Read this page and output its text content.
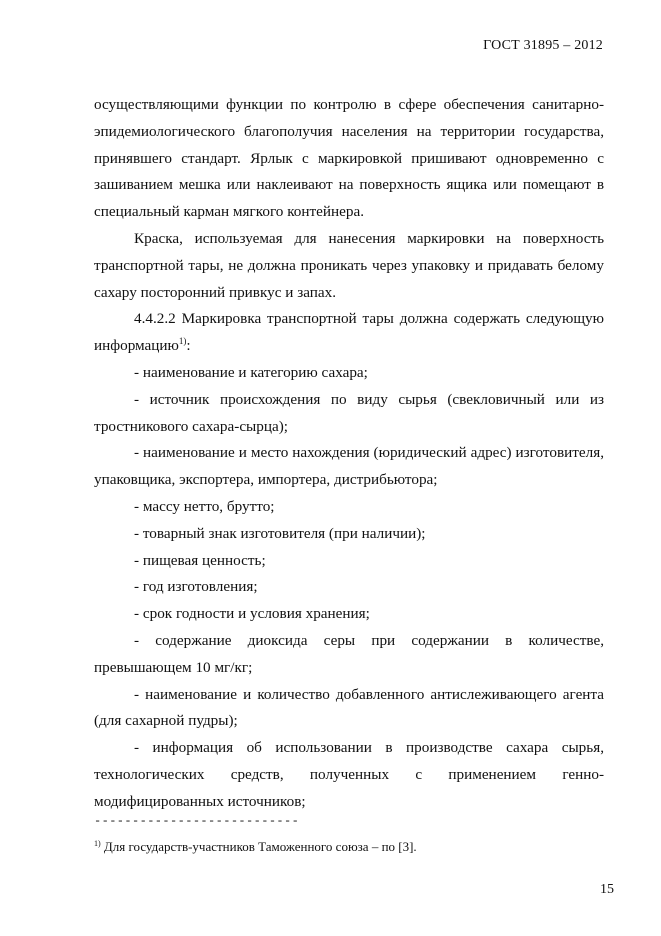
ГОСТ 31895 – 2012

осуществляющими функции по контролю в сфере обеспечения санитарно-эпидемиологического благополучия населения на территории государства, принявшего стандарт. Ярлык с маркировкой пришивают одновременно с зашиванием мешка или наклеивают на поверхность ящика или помещают в специальный карман мягкого контейнера.

Краска, используемая для нанесения маркировки на поверхность транспортной тары, не должна проникать через упаковку и придавать белому сахару посторонний привкус и запах.

4.4.2.2 Маркировка транспортной тары должна содержать следующую информацию$^{1)}$:

- наименование и категорию сахара;

- источник происхождения по виду сырья (свекловичный или из тростникового сахара-сырца);

- наименование и место нахождения (юридический адрес) изготовителя, упаковщика, экспортера, импортера, дистрибьютора;

- массу нетто, брутто;

- товарный знак изготовителя (при наличии);

- пищевая ценность;

- год изготовления;

- срок годности и условия хранения;

- содержание диоксида серы при содержании в количестве, превышающем 10 мг/кг;

- наименование и количество добавленного антислеживающего агента (для сахарной пудры);

- информация об использовании в производстве сахара сырья, технологических средств, полученных с применением генно-модифицированных источников;

---------------------------
$^{1)}$ Для государств-участников Таможенного союза – по [3].
15
